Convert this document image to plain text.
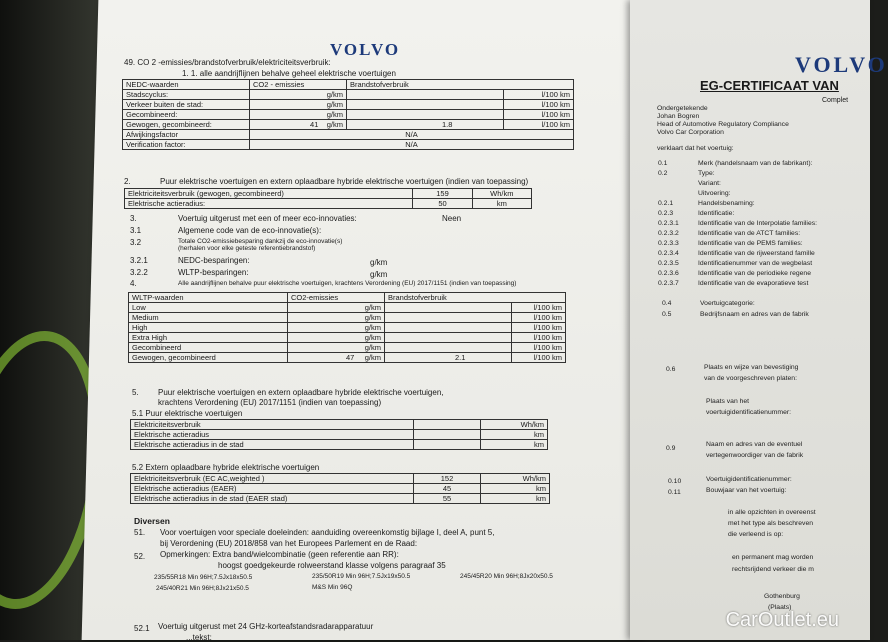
VOLVO
49. CO 2 -emissies/brandstofverbruik/elektriciteitsverbruik:
1. 1. alle aandrijflijnen behalve geheel elektrische voertuigen
NEDC-waarden	CO2 - emissies	Brandstofverbruik	
Stadscyclus:	g/km		l/100 km
Verkeer buiten de stad:	g/km		l/100 km
Gecombineerd:	g/km		l/100 km
Gewogen, gecombineerd:	41 g/km	1.8	l/100 km
Afwijkingsfactor	N/A		
Verification factor:	N/A		
2.	Puur elektrische voertuigen en extern oplaadbare hybride elektrische voertuigen (indien van toepassing)
Elektriciteitsverbruik (gewogen, gecombineerd)	159	Wh/km
Elektrische actieradius:	50	km
3.	Voertuig uitgerust met een of meer eco-innovaties:	Neen
3.1	Algemene code van de eco-innovatie(s):
3.2	Totale CO2-emissiebesparing dankzij de eco-innovatie(s)
(herhalen voor elke geteste referentiebrandstof)
3.2.1	NEDC-besparingen:	g/km
3.2.2	WLTP-besparingen:	g/km
4.	Alle aandrijflijnen behalve puur elektrische voertuigen, krachtens Verordening (EU) 2017/1151 (indien van toepassing)
WLTP-waarden	CO2-emissies	Brandstofverbruik	
Low	g/km		l/100 km
Medium	g/km		l/100 km
High	g/km		l/100 km
Extra High	g/km		l/100 km
Gecombineerd	g/km		l/100 km
Gewogen, gecombineerd	47 g/km	2.1	l/100 km
5. Puur elektrische voertuigen en extern oplaadbare hybride elektrische voertuigen,
krachtens Verordening (EU) 2017/1151 (indien van toepassing)
5.1 Puur elektrische voertuigen
Elektriciteitsverbruik		Wh/km
Elektrische actieradius		km
Elektrische actieradius in de stad		km
5.2 Extern oplaadbare hybride elektrische voertuigen
Elektriciteitsverbruik (EC AC,weighted )	152	Wh/km
Elektrische actieradius (EAER)	45	km
Elektrische actieradius in de stad (EAER stad)	55	km
Diversen
51. Voor voertuigen voor speciale doeleinden: aanduiding overeenkomstig bijlage I, deel A, punt 5,
bij Verordening (EU) 2018/858 van het Europees Parlement en de Raad:
52. Opmerkingen: Extra band/wielcombinatie (geen referentie aan RR):
hoogst goedgekeurde rolweerstand klasse volgens paragraaf 35
235/55R18 Min 96H;7.5Jx18x50.5	235/50R19 Min 96H;7.5Jx19x50.5	245/45R20 Min 96H;8Jx20x50.5
245/40R21 Min 96H;8Jx21x50.5	M&S Min 96Q
52.1 Voertuig uitgerust met 24 GHz-korteafstandsradarapparatuur
...tekst:
VOLVO
EG-CERTIFICAAT VAN
Complet
Ondergetekende
Johan Bogren
Head of Automotive Regulatory Compliance
Volvo Car Corporation
verklaart dat het voertuig:
0.1	Merk (handelsnaam van de fabrikant):
0.2	Type:
Variant:
Uitvoering:
0.2.1	Handelsbenaming:
0.2.3	Identificatie:
0.2.3.1	Identificatie van de Interpolatie families:
0.2.3.2	Identificatie van de ATCT families:
0.2.3.3	Identificatie van de PEMS families:
0.2.3.4	Identificatie van de rijweerstand famille
0.2.3.5	Identificatienummer van de wegbelast
0.2.3.6	Identificatie van de periodieke regene
0.2.3.7	Identificatie van de evaporatieve test
0.4	Voertuigcategorie:
0.5	Bedrijfsnaam en adres van de fabrik
0.6	Plaats en wijze van bevestiging
van de voorgeschreven platen:
Plaats van het
voertuigidentificatienummer:
0.9
Naam en adres van de eventuel
vertegenwoordiger van de fabrik
0.10	Voertuigidentificatienummer:
0.11	Bouwjaar van het voertuig:
in alle opzichten in overeenst
met het type als beschreven
die verleend is op:
en permanent mag worden
rechtsrijdend verkeer die m
Gothenburg
(Plaats)
CarOutlet.eu
